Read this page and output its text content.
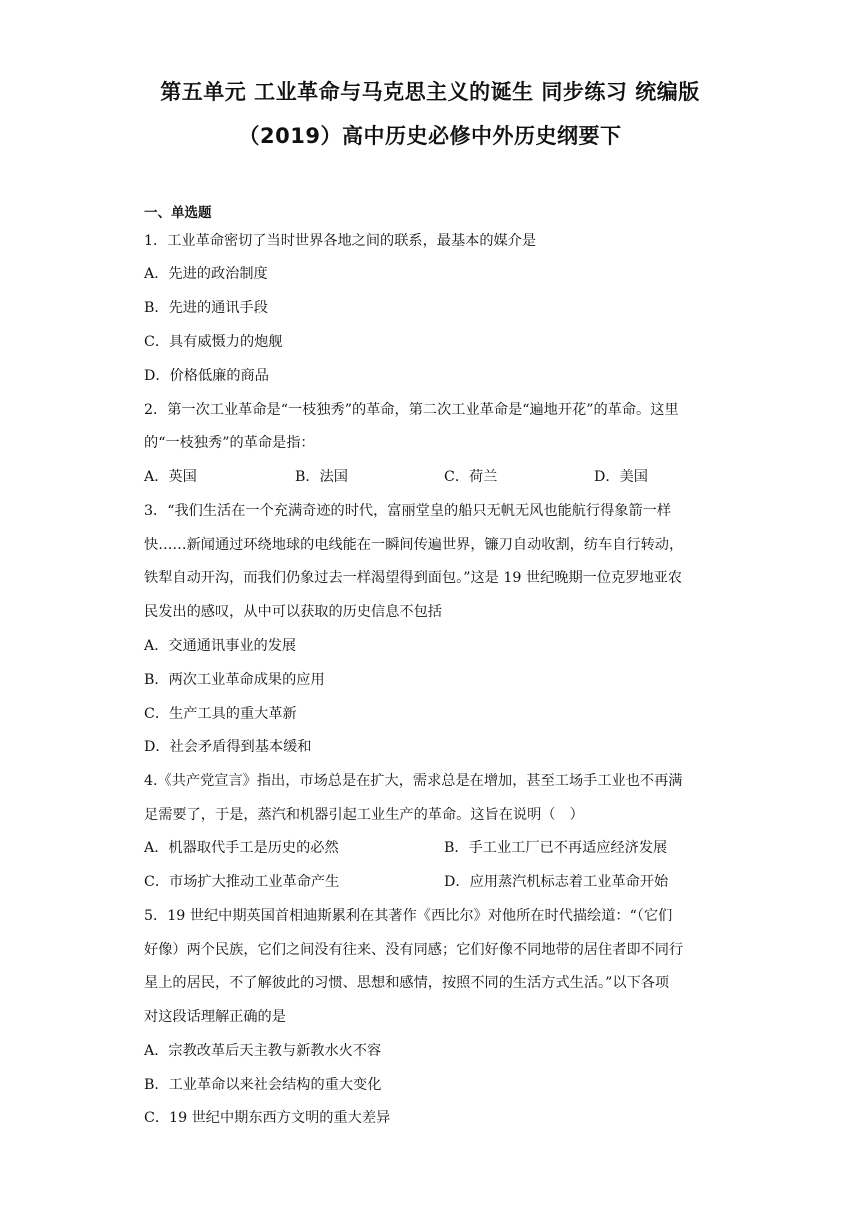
第五单元 工业革命与马克思主义的诞生 同步练习 统编版
（2019）高中历史必修中外历史纲要下
一、单选题
1．工业革命密切了当时世界各地之间的联系，最基本的媒介是
A．先进的政治制度
B．先进的通讯手段
C．具有威慑力的炮舰
D．价格低廉的商品
2．第一次工业革命是“一枝独秀”的革命，第二次工业革命是“遍地开花”的革命。这里
的“一枝独秀”的革命是指：
A．英国	B．法国	C．荷兰	D．美国
3．“我们生活在一个充满奇迹的时代，富丽堂皇的船只无帆无风也能航行得象箭一样
快……新闻通过环绕地球的电线能在一瞬间传遍世界，镰刀自动收割，纺车自行转动，
铁犁自动开沟，而我们仍象过去一样渴望得到面包。”这是 19 世纪晚期一位克罗地亚农
民发出的感叹，从中可以获取的历史信息不包括
A．交通通讯事业的发展
B．两次工业革命成果的应用
C．生产工具的重大革新
D．社会矛盾得到基本缓和
4.《共产党宣言》指出，市场总是在扩大，需求总是在增加，甚至工场手工业也不再满
足需要了，于是，蒸汽和机器引起工业生产的革命。这旨在说明（　）
A．机器取代手工是历史的必然	B．手工业工厂已不再适应经济发展
C．市场扩大推动工业革命产生	D．应用蒸汽机标志着工业革命开始
5．19 世纪中期英国首相迪斯累利在其著作《西比尔》对他所在时代描绘道：“（它们
好像）两个民族，它们之间没有往来、没有同感；它们好像不同地带的居住者即不同行
星上的居民，不了解彼此的习惯、思想和感情，按照不同的生活方式生活。”以下各项
对这段话理解正确的是
A．宗教改革后天主教与新教水火不容
B．工业革命以来社会结构的重大变化
C．19 世纪中期东西方文明的重大差异
